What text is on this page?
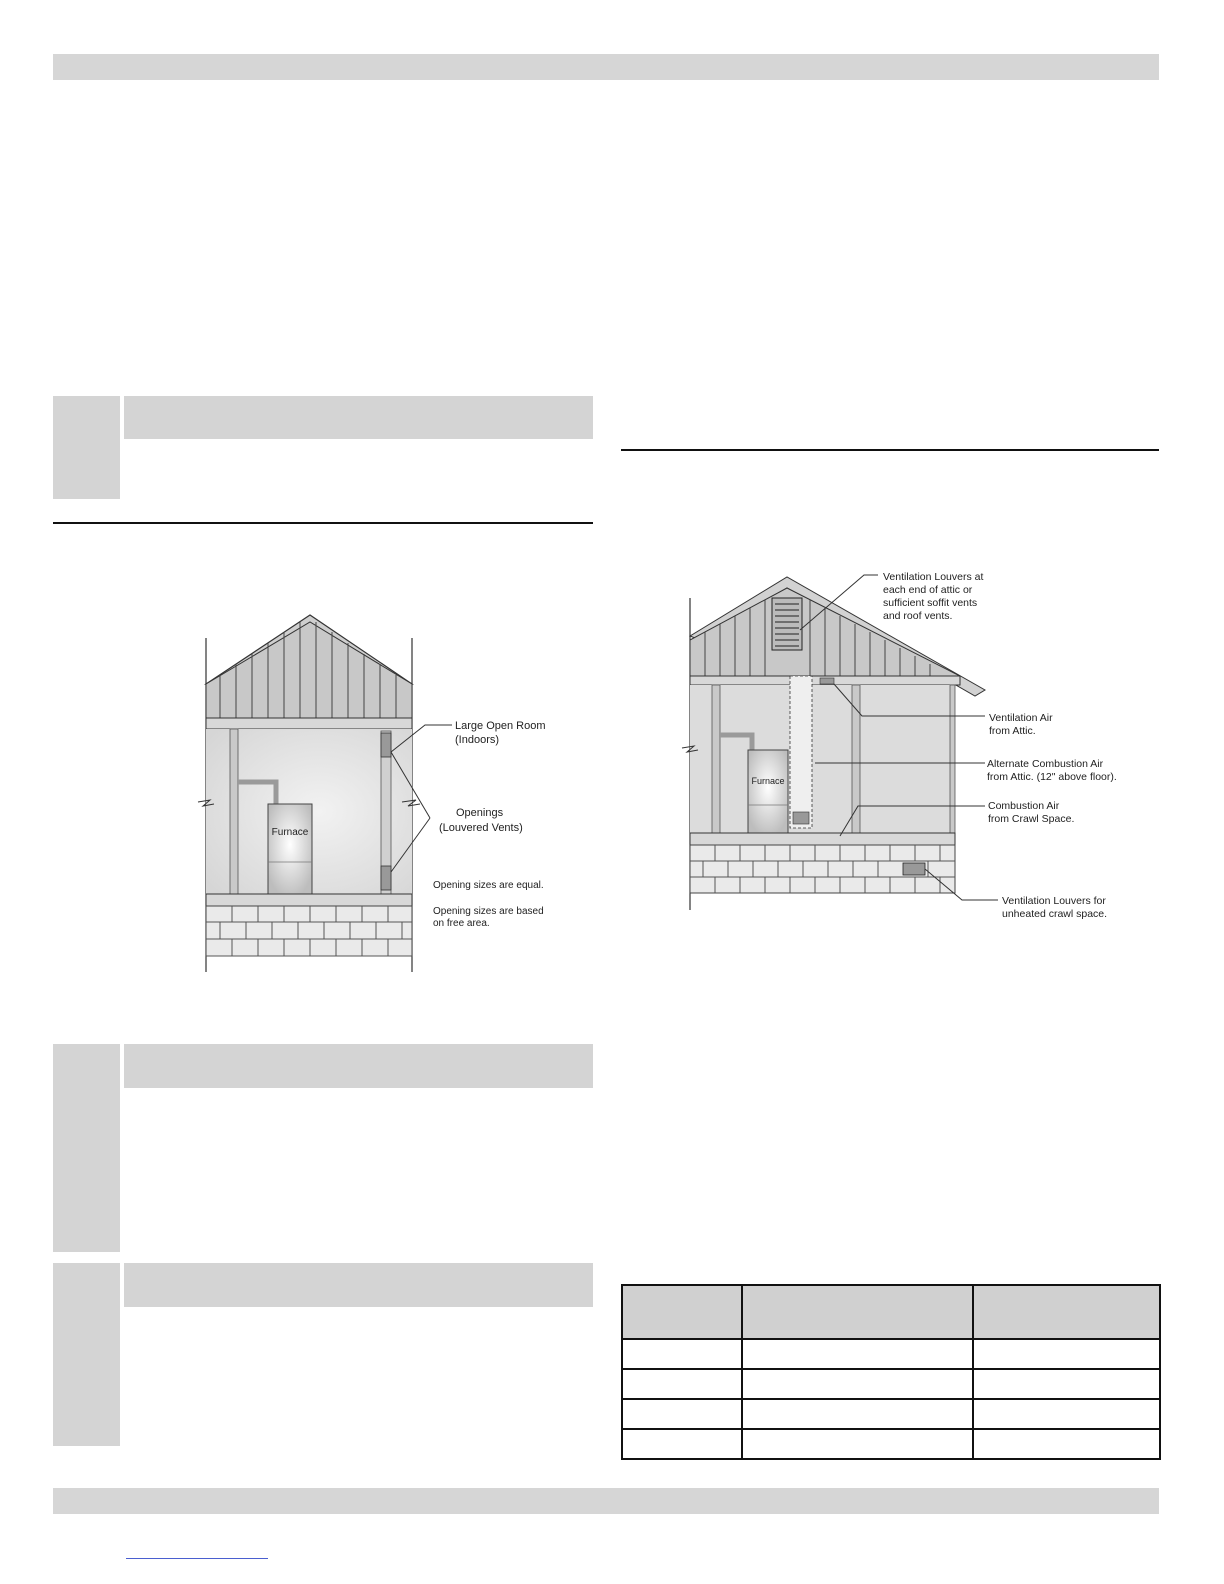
Furnace
Large Open Room
(Indoors)
Openings
(Louvered Vents)
Opening sizes are equal.
Opening sizes are based
on free area.
Furnace
Ventilation Louvers at
each end of attic or
sufficient soffit vents
and roof vents.
Ventilation Air
from Attic.
Alternate Combustion Air
from Attic. (12" above floor).
Combustion Air
from Crawl Space.
Ventilation Louvers for
unheated crawl space.
